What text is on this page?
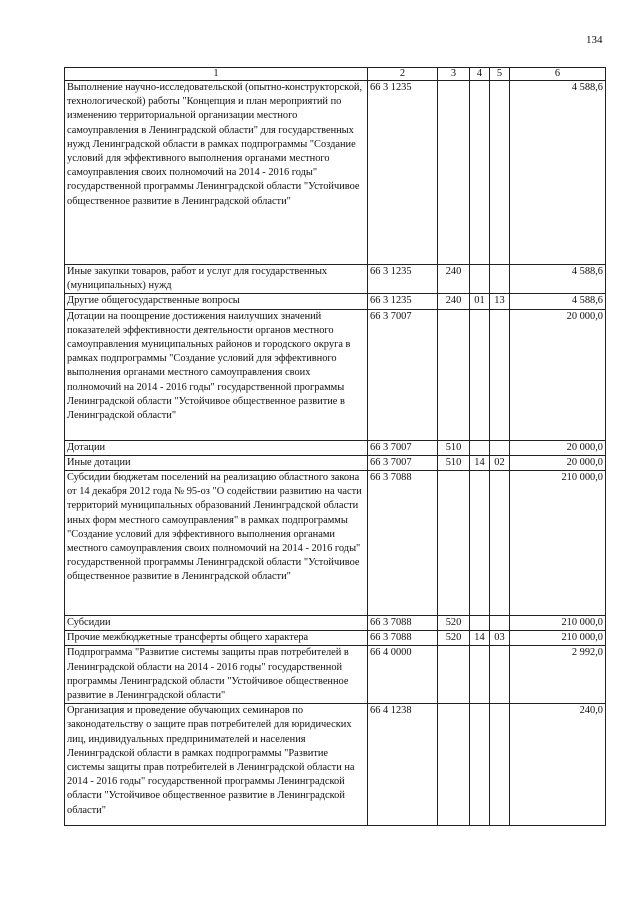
134
1	2	3	4	5	6
Выполнение научно-исследовательской (опытно-конструкторской, технологической) работы "Концепция и план мероприятий по изменению территориальной организации местного самоуправления в Ленинградской области" для государственных нужд Ленинградской области в рамках подпрограммы "Создание условий для эффективного выполнения органами местного самоуправления своих полномочий на 2014 - 2016 годы" государственной программы Ленинградской области "Устойчивое общественное развитие в Ленинградской области"	66 3 1235				4 588,6
Иные закупки товаров, работ и услуг для государственных (муниципальных) нужд	66 3 1235	240			4 588,6
Другие общегосударственные вопросы	66 3 1235	240	01	13	4 588,6
Дотации на поощрение достижения наилучших значений показателей эффективности деятельности органов местного самоуправления муниципальных районов и городского округа в рамках подпрограммы "Создание условий для эффективного выполнения органами местного самоуправления своих полномочий на 2014 - 2016 годы" государственной программы Ленинградской области "Устойчивое общественное развитие в Ленинградской области"	66 3 7007				20 000,0
Дотации	66 3 7007	510			20 000,0
Иные дотации	66 3 7007	510	14	02	20 000,0
Субсидии бюджетам поселений на реализацию областного закона от 14 декабря 2012 года № 95-оз "О содействии развитию на части территорий муниципальных образований Ленинградской области иных форм местного самоуправления" в рамках подпрограммы "Создание условий для эффективного выполнения органами местного самоуправления своих полномочий на 2014 - 2016 годы" государственной программы Ленинградской области "Устойчивое общественное развитие в Ленинградской области"	66 3 7088				210 000,0
Субсидии	66 3 7088	520			210 000,0
Прочие межбюджетные трансферты общего характера	66 3 7088	520	14	03	210 000,0
Подпрограмма "Развитие системы защиты прав потребителей в Ленинградской области на 2014 - 2016 годы" государственной программы Ленинградской области "Устойчивое общественное развитие в Ленинградской области"	66 4 0000				2 992,0
Организация и проведение обучающих семинаров по законодательству о защите прав потребителей для юридических лиц, индивидуальных предпринимателей и населения Ленинградской области в рамках подпрограммы "Развитие системы защиты прав потребителей в Ленинградской области на 2014 - 2016 годы" государственной программы Ленинградской области "Устойчивое общественное развитие в Ленинградской области"	66 4 1238				240,0
